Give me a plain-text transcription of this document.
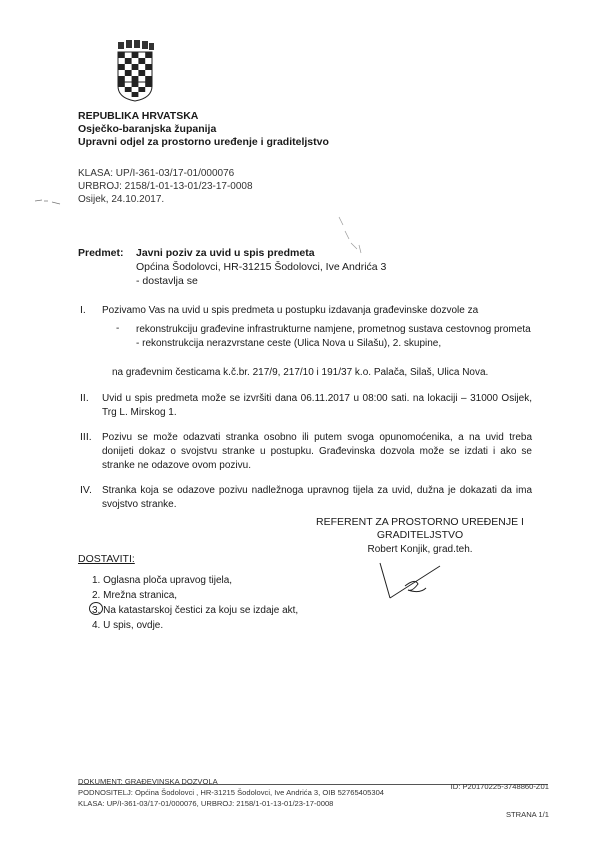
REPUBLIKA HRVATSKA
Osječko-baranjska županija
Upravni odjel za prostorno uređenje i graditeljstvo
KLASA: UP/I-361-03/17-01/000076
URBROJ: 2158/1-01-13-01/23-17-0008
Osijek, 24.10.2017.
Predmet: Javni poziv za uvid u spis predmeta
Općina Šodolovci, HR-31215 Šodolovci, Ive Andrića 3
- dostavlja se
I. Pozivamo Vas na uvid u spis predmeta u postupku izdavanja građevinske dozvole za
- rekonstrukciju građevine infrastrukturne namjene, prometnog sustava cestovnog prometa - rekonstrukcija nerazvrstane ceste (Ulica Nova u Silašu), 2. skupine,
na građevnim česticama k.č.br. 217/9, 217/10 i 191/37 k.o. Palača, Silaš, Ulica Nova.
II. Uvid u spis predmeta može se izvršiti dana 06.11.2017 u 08:00 sati. na lokaciji – 31000 Osijek, Trg L. Mirskog 1.
III. Pozivu se može odazvati stranka osobno ili putem svoga opunomoćenika, a na uvid treba donijeti dokaz o svojstvu stranke u postupku. Građevinska dozvola može se izdati i ako se stranke ne odazove ovom pozivu.
IV. Stranka koja se odazove pozivu nadležnoga upravnog tijela za uvid, dužna je dokazati da ima svojstvo stranke.
REFERENT ZA PROSTORNO UREĐENJE I
GRADITELJSTVO
Robert Konjik, grad.teh.
DOSTAVITI:
1. Oglasna ploča upravog tijela,
2. Mrežna stranica,
3. Na katastarskoj čestici za koju se izdaje akt,
4. U spis, ovdje.
DOKUMENT: GRAĐEVINSKA DOZVOLA
ID: P20170225-3748860-Z01
PODNOSITELJ: Općina Šodolovci , HR-31215 Šodolovci, Ive Andrića 3, OIB 52765405304
KLASA: UP/I-361-03/17-01/000076, URBROJ: 2158/1-01-13-01/23-17-0008
STRANA 1/1
